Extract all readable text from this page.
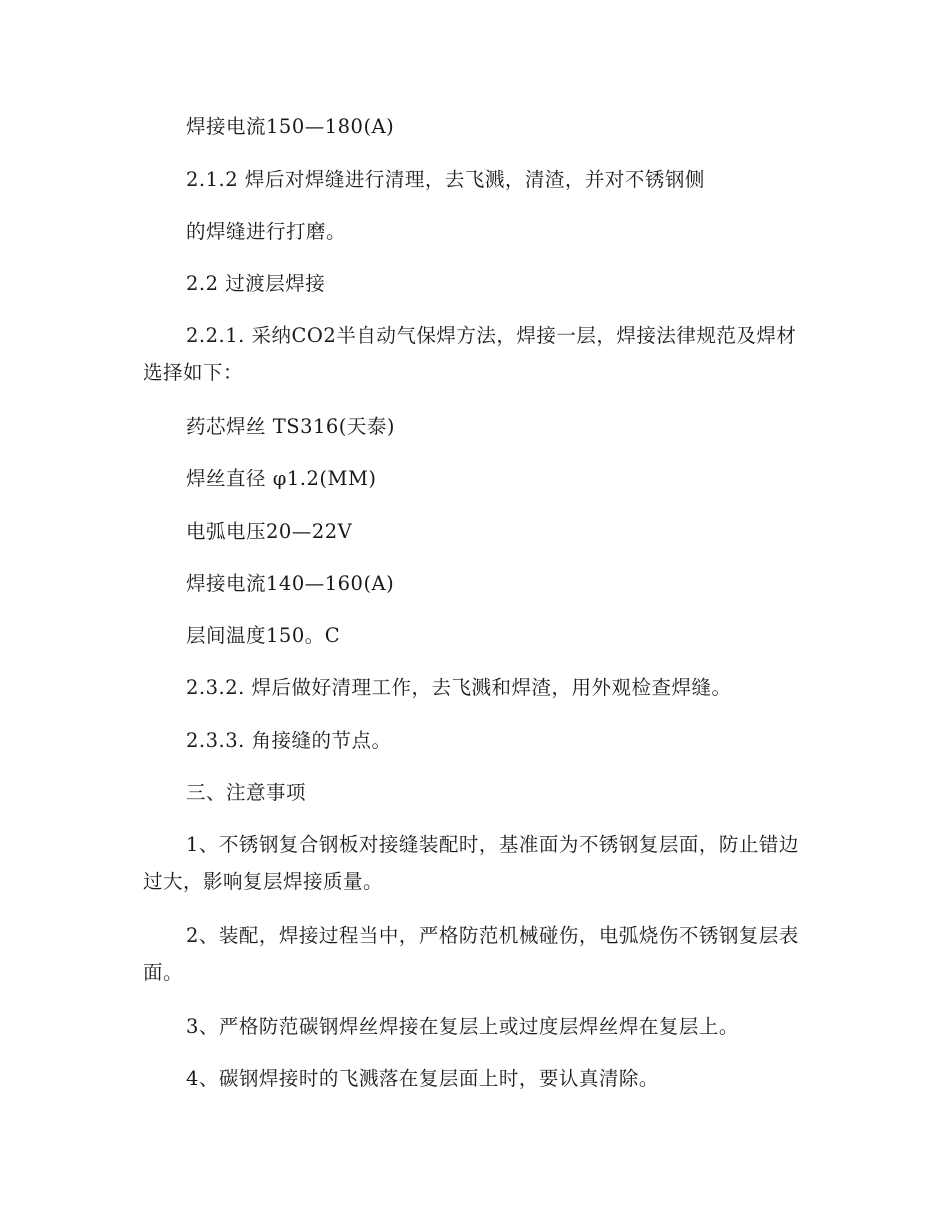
焊接电流150—180(A)

2.1.2 焊后对焊缝进行清理，去飞溅，清渣，并对不锈钢侧

的焊缝进行打磨。

2.2 过渡层焊接

2.2.1. 采纳CO2半自动气保焊方法，焊接一层，焊接法律规范及焊材选择如下：

药芯焊丝 TS316(天泰)

焊丝直径 φ1.2(MM)

电弧电压20—22V

焊接电流140—160(A)

层间温度150。C

2.3.2. 焊后做好清理工作，去飞溅和焊渣，用外观检查焊缝。

2.3.3. 角接缝的节点。

三、注意事项

1、不锈钢复合钢板对接缝装配时，基准面为不锈钢复层面，防止错边过大，影响复层焊接质量。

2、装配，焊接过程当中，严格防范机械碰伤，电弧烧伤不锈钢复层表面。

3、严格防范碳钢焊丝焊接在复层上或过度层焊丝焊在复层上。

4、碳钢焊接时的飞溅落在复层面上时，要认真清除。
